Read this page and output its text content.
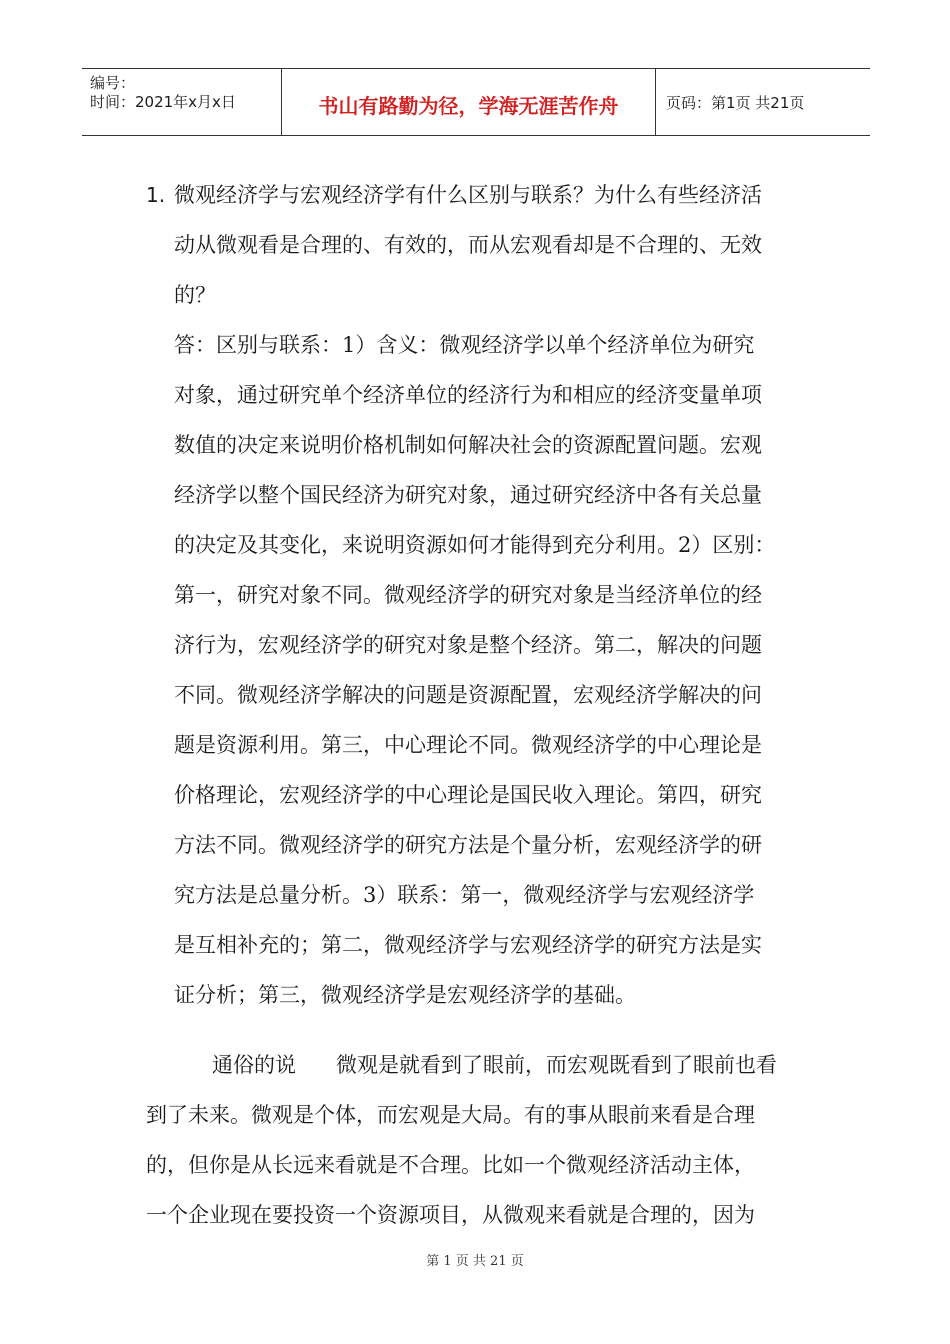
编号：
时间：2021年x月x日	书山有路勤为径，学海无涯苦作舟	页码：第1页 共21页
1. 微观经济学与宏观经济学有什么区别与联系？为什么有些经济活
动从微观看是合理的、有效的，而从宏观看却是不合理的、无效
的？
答：区别与联系：1）含义：微观经济学以单个经济单位为研究
对象，通过研究单个经济单位的经济行为和相应的经济变量单项
数值的决定来说明价格机制如何解决社会的资源配置问题。宏观
经济学以整个国民经济为研究对象，通过研究经济中各有关总量
的决定及其变化，来说明资源如何才能得到充分利用。2）区别：
第一，研究对象不同。微观经济学的研究对象是当经济单位的经
济行为，宏观经济学的研究对象是整个经济。第二，解决的问题
不同。微观经济学解决的问题是资源配置，宏观经济学解决的问
题是资源利用。第三，中心理论不同。微观经济学的中心理论是
价格理论，宏观经济学的中心理论是国民收入理论。第四，研究
方法不同。微观经济学的研究方法是个量分析，宏观经济学的研
究方法是总量分析。3）联系：第一，微观经济学与宏观经济学
是互相补充的；第二，微观经济学与宏观经济学的研究方法是实
证分析；第三，微观经济学是宏观经济学的基础。
通俗的说      微观是就看到了眼前，而宏观既看到了眼前也看
到了未来。微观是个体，而宏观是大局。有的事从眼前来看是合理
的，但你是从长远来看就是不合理。比如一个微观经济活动主体，
一个企业现在要投资一个资源项目，从微观来看就是合理的，因为
第 1 页 共 21 页
